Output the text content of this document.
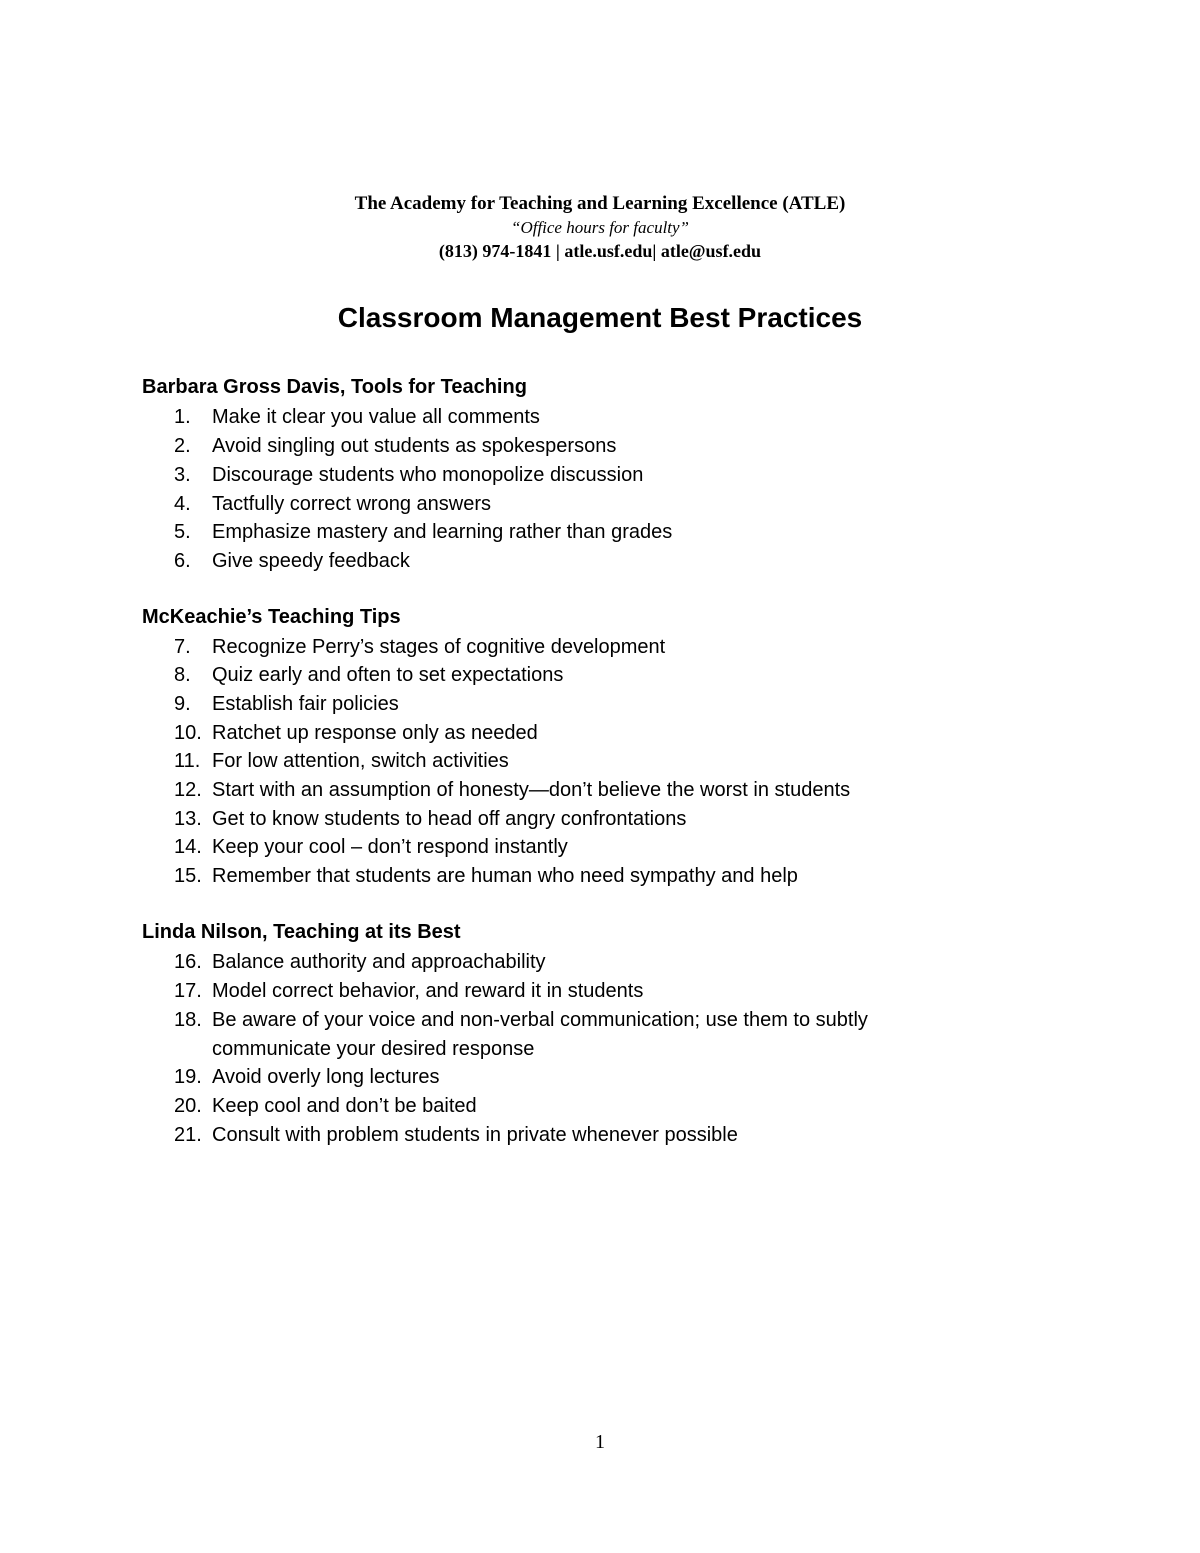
The Academy for Teaching and Learning Excellence (ATLE)
“Office hours for faculty”
(813) 974-1841 | atle.usf.edu| atle@usf.edu
Classroom Management Best Practices
Barbara Gross Davis, Tools for Teaching
1.	Make it clear you value all comments
2.	Avoid singling out students as spokespersons
3.	Discourage students who monopolize discussion
4.	Tactfully correct wrong answers
5.	Emphasize mastery and learning rather than grades
6.	Give speedy feedback
McKeachie’s Teaching Tips
7.	Recognize Perry’s stages of cognitive development
8.	Quiz early and often to set expectations
9.	Establish fair policies
10. Ratchet up response only as needed
11. For low attention, switch activities
12. Start with an assumption of honesty—don’t believe the worst in students
13. Get to know students to head off angry confrontations
14. Keep your cool – don’t respond instantly
15. Remember that students are human who need sympathy and help
Linda Nilson, Teaching at its Best
16. Balance authority and approachability
17. Model correct behavior, and reward it in students
18. Be aware of your voice and non-verbal communication; use them to subtly communicate your desired response
19. Avoid overly long lectures
20. Keep cool and don’t be baited
21. Consult with problem students in private whenever possible
1
